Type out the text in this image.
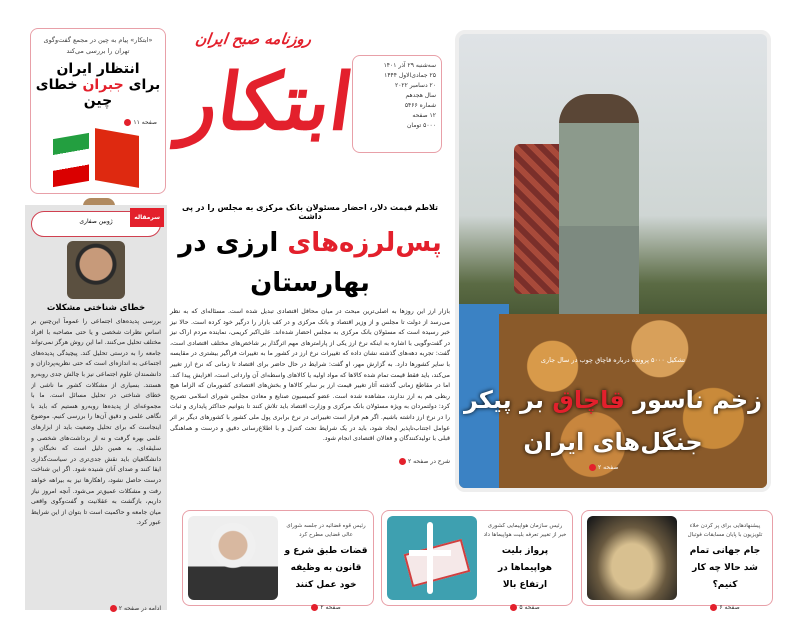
«ابتکار» پیام به چین در مجمع گفت‌وگوی تهران را بررسی می‌کند
انتظار ایران
برای جبران خطای چین
صفحه ۱۱
روزنامه صبح ایران
ابتکار	سه‌شنبه ۲۹ آذر ۱۴۰۱
۲۵ جمادی‌الاول ۱۴۴۴
۲۰ دسامبر ۲۰۲۲
سال هجدهم
شماره ۵۴۶۶
۱۲ صفحه
۵۰۰۰ تومان
تشکیل ۵۰۰۰ پرونده درباره قاچاق چوب در سال جاری
زخم ناسور قاچاق بر پیکر
جنگل‌های ایران
صفحه ۲
تلاطم قیمت دلار، احضار مسئولان بانک مرکزی به مجلس را در پی داشت
پس‌لرزه‌های ارزی در
بهارستان
بازار ارز این روزها به اصلی‌ترین مبحث در میان محافل اقتصادی تبدیل شده است. مسئاله‌ای که به نظر می‌رسد از دولت تا مجلس و از وزیر اقتصاد و بانک مرکزی و در کف بازار را درگیر خود کرده است. حالا نیز خبر رسیده است که مسئولان بانک مرکزی به مجلس احضار شده‌اند. علی‌اکبر کریمی، نماینده مردم اراک نیز در گفت‌وگویی با اشاره به اینکه نرخ ارز یکی از پارامترهای مهم اثرگذار بر شاخص‌های مختلف اقتصادی است، گفت: تجربه دهه‌های گذشته نشان داده که تغییرات نرخ ارز در کشور ما به تغییرات فراگیر بیشتری در مقایسه با سایر کشورها دارد. به گزارش مهر، او گفت: شرایط در حال حاضر برای اقتصاد تا زمانی که نرخ ارز تغییر می‌کند، باید فقط قیمت تمام شده کالاها که مواد اولیه یا کالاهای واسطه‌ای آن وارداتی است، افزایش پیدا کند. اما در مقاطع زمانی گذشته آثار تغییر قیمت ارز بر سایر کالاها و بخش‌های اقتصادی کشورمان که الزاما هیچ ربطی هم به ارز ندارند، مشاهده شده است. عضو کمیسیون صنایع و معادن مجلس شورای اسلامی تصریح کرد: دولتمردان به ویژه مسئولان بانک مرکزی و وزارت اقتصاد باید تلاش کنند تا بتوانیم حداکثر پایداری و ثبات را در نرخ ارز داشته باشیم. اگر هم قرار است تغییراتی در نرخ برابری پول ملی کشور با کشورهای دیگر بر اثر عوامل اجتناب‌ناپذیر ایجاد شود، باید در یک شرایط تحت کنترل و با اطلاع‌رسانی دقیق و درست و هماهنگی قبلی با تولیدکنندگان و فعالان اقتصادی انجام شود.
شرح در صفحه ۲
ژوبین صفاری
سرمقاله
خطای شناختی مشکلات
بررسی پدیده‌های اجتماعی را عموماً این‌چنین بر اساس نظرات شخصی و یا حتی مصاحبه با افراد مختلف تحلیل می‌کنند. اما این روش هرگز نمی‌تواند جامعه را به درستی تحلیل کند. پیچیدگی پدیده‌های اجتماعی به اندازه‌ای است که حتی نظریه‌پردازان و دانشمندان علوم اجتماعی نیز با چالش جدی روبه‌رو هستند. بسیاری از مشکلات کشور ما ناشی از خطای شناختی در تحلیل مسائل است. ما با مجموعه‌ای از پدیده‌ها روبه‌رو هستیم که باید با نگاهی علمی و دقیق آن‌ها را بررسی کنیم. موضوع اینجاست که برای تحلیل وضعیت باید از ابزارهای علمی بهره گرفت و نه از برداشت‌های شخصی و سلیقه‌ای. به همین دلیل است که نخبگان و دانشگاهیان باید نقش جدی‌تری در سیاست‌گذاری ایفا کنند و صدای آنان شنیده شود. اگر این شناخت درست حاصل نشود، راهکارها نیز به بیراهه خواهد رفت و مشکلات عمیق‌تر می‌شود. آنچه امروز نیاز داریم، بازگشت به عقلانیت و گفت‌وگوی واقعی میان جامعه و حاکمیت است تا بتوان از این شرایط عبور کرد.
ادامه در صفحه ۲
پیشنهادهایی برای پر کردن خلاء تلویزیون با پایان مسابقات فوتبال
جام جهانی تمام شد حالا چه کار کنیم؟
صفحه ۶
رئیس سازمان هواپیمایی کشوری خبر از تغییر تعرفه بلیت هواپیماها داد
پرواز بلیت هواپیماها در ارتفاع بالا
صفحه ۵
رئیس قوه قضائیه در جلسه شورای عالی قضایی مطرح کرد
قضات طبق شرع و قانون به وظیفه خود عمل کنند
صفحه ۲
